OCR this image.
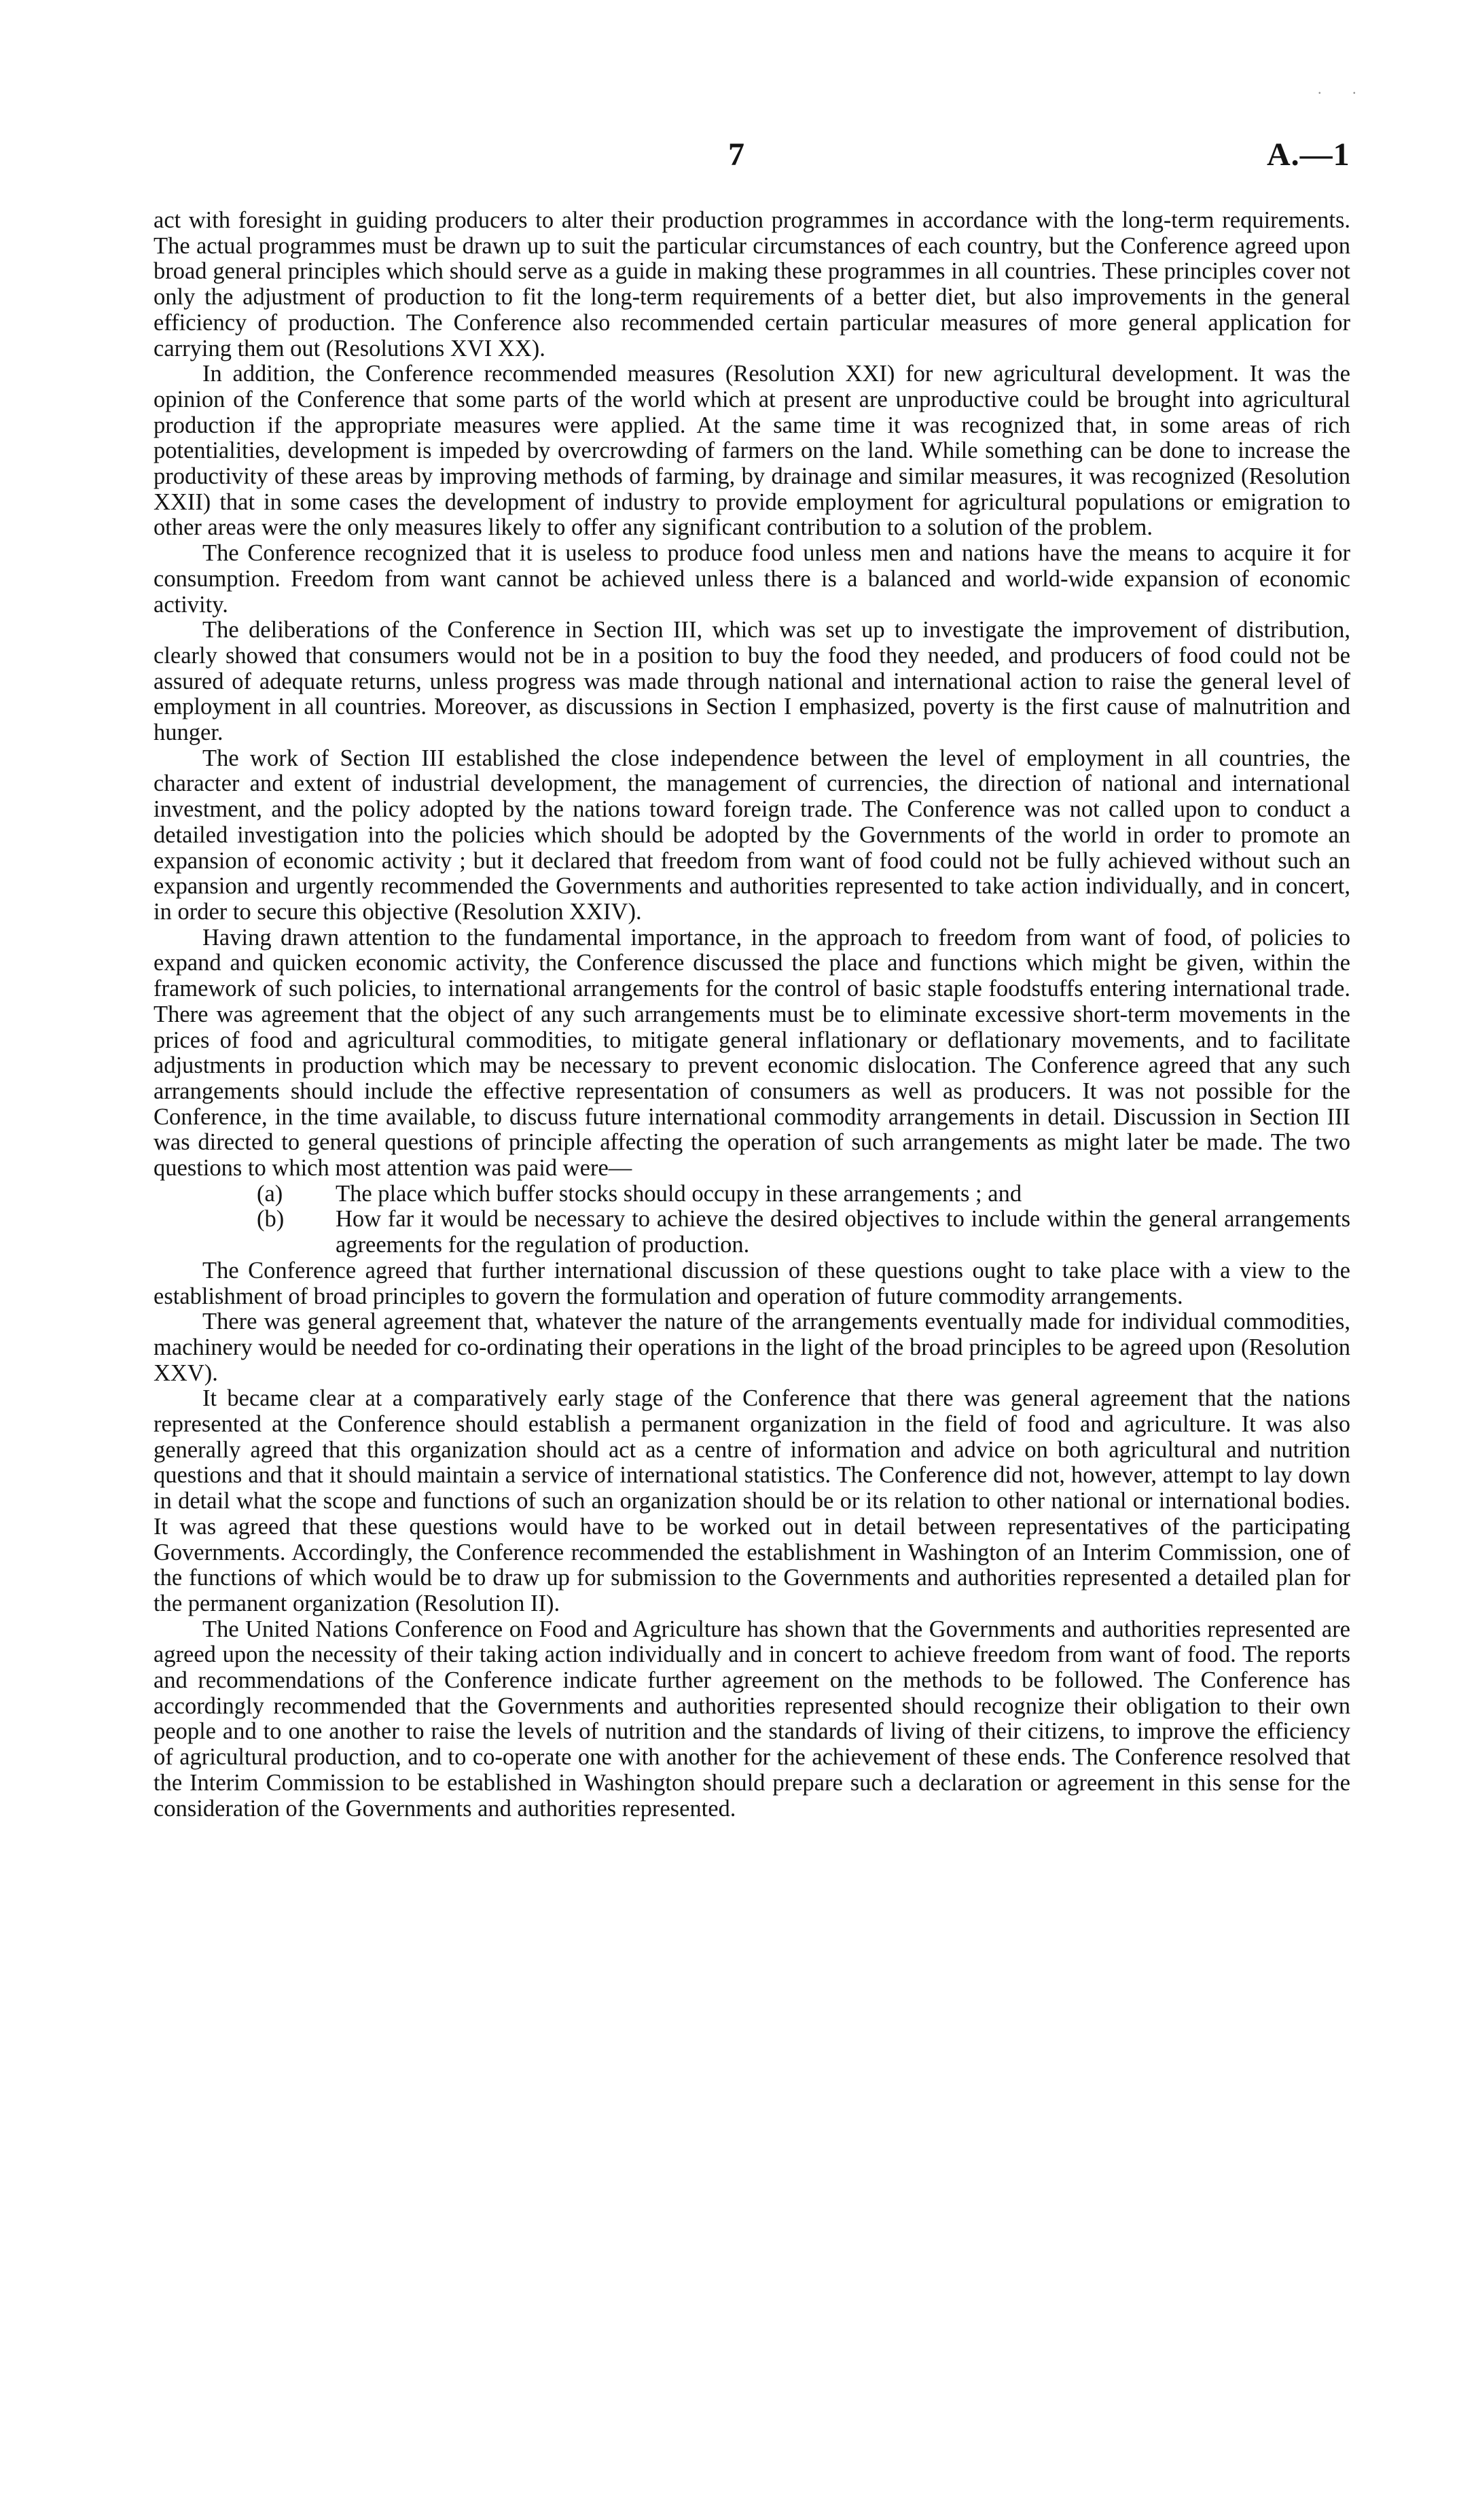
. .
7	A.—1

act with foresight in guiding producers to alter their production programmes in accordance with the long-term requirements. The actual programmes must be drawn up to suit the particular circumstances of each country, but the Conference agreed upon broad general principles which should serve as a guide in making these programmes in all countries. These principles cover not only the adjustment of production to fit the long-term requirements of a better diet, but also improvements in the general efficiency of production. The Conference also recommended certain particular measures of more general application for carrying them out (Resolutions XVI XX).

In addition, the Conference recommended measures (Resolution XXI) for new agricultural development. It was the opinion of the Conference that some parts of the world which at present are unproductive could be brought into agricultural production if the appropriate measures were applied. At the same time it was recognized that, in some areas of rich potentialities, development is impeded by overcrowding of farmers on the land. While something can be done to increase the productivity of these areas by improving methods of farming, by drainage and similar measures, it was recognized (Resolution XXII) that in some cases the development of industry to provide employment for agricultural populations or emigration to other areas were the only measures likely to offer any significant contribution to a solution of the problem.

The Conference recognized that it is useless to produce food unless men and nations have the means to acquire it for consumption. Freedom from want cannot be achieved unless there is a balanced and world-wide expansion of economic activity.

The deliberations of the Conference in Section III, which was set up to investigate the improvement of distribution, clearly showed that consumers would not be in a position to buy the food they needed, and producers of food could not be assured of adequate returns, unless progress was made through national and international action to raise the general level of employment in all countries. Moreover, as discussions in Section I emphasized, poverty is the first cause of malnutrition and hunger.

The work of Section III established the close independence between the level of employment in all countries, the character and extent of industrial development, the management of currencies, the direction of national and international investment, and the policy adopted by the nations toward foreign trade. The Conference was not called upon to conduct a detailed investigation into the policies which should be adopted by the Governments of the world in order to promote an expansion of economic activity ; but it declared that freedom from want of food could not be fully achieved without such an expansion and urgently recommended the Governments and authorities represented to take action individually, and in concert, in order to secure this objective (Resolution XXIV).

Having drawn attention to the fundamental importance, in the approach to freedom from want of food, of policies to expand and quicken economic activity, the Conference discussed the place and functions which might be given, within the framework of such policies, to international arrangements for the control of basic staple foodstuffs entering international trade. There was agreement that the object of any such arrangements must be to eliminate excessive short-term movements in the prices of food and agricultural commodities, to mitigate general inflationary or deflationary movements, and to facilitate adjustments in production which may be necessary to prevent economic dislocation. The Conference agreed that any such arrangements should include the effective representation of consumers as well as producers. It was not possible for the Conference, in the time available, to discuss future international commodity arrangements in detail. Discussion in Section III was directed to general questions of principle affecting the operation of such arrangements as might later be made. The two questions to which most attention was paid were—

(a) The place which buffer stocks should occupy in these arrangements ; and

(b) How far it would be necessary to achieve the desired objectives to include within the general arrangements agreements for the regulation of production.

The Conference agreed that further international discussion of these questions ought to take place with a view to the establishment of broad principles to govern the formulation and operation of future commodity arrangements.

There was general agreement that, whatever the nature of the arrangements eventually made for individual commodities, machinery would be needed for co-ordinating their operations in the light of the broad principles to be agreed upon (Resolution XXV).

It became clear at a comparatively early stage of the Conference that there was general agreement that the nations represented at the Conference should establish a permanent organization in the field of food and agriculture. It was also generally agreed that this organization should act as a centre of information and advice on both agricultural and nutrition questions and that it should maintain a service of international statistics. The Conference did not, however, attempt to lay down in detail what the scope and functions of such an organization should be or its relation to other national or international bodies. It was agreed that these questions would have to be worked out in detail between representatives of the participating Governments. Accordingly, the Conference recommended the establishment in Washington of an Interim Commission, one of the functions of which would be to draw up for submission to the Governments and authorities represented a detailed plan for the permanent organization (Resolution II).

The United Nations Conference on Food and Agriculture has shown that the Governments and authorities represented are agreed upon the necessity of their taking action individually and in concert to achieve freedom from want of food. The reports and recommendations of the Conference indicate further agreement on the methods to be followed. The Conference has accordingly recommended that the Governments and authorities represented should recognize their obligation to their own people and to one another to raise the levels of nutrition and the standards of living of their citizens, to improve the efficiency of agricultural production, and to co-operate one with another for the achievement of these ends. The Conference resolved that the Interim Commission to be established in Washington should prepare such a declaration or agreement in this sense for the consideration of the Governments and authorities represented.
